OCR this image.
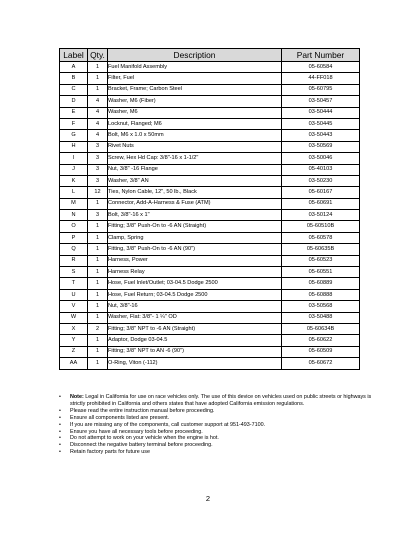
Label	Qty.	Description	Part Number
A	1	Fuel Manifold Assembly	05-60584
B	1	Filter, Fuel	44-FF018
C	1	Bracket, Frame; Carbon Steel	05-60795
D	4	Washer, M6 (Fiber)	03-50457
E	4	Washer, M6	03-50444
F	4	Locknut, Flanged; M6	03-50445
G	4	Bolt, M6 x 1.0 x 50mm	03-50443
H	3	Rivet Nuts	03-50569
I	3	Screw, Hex Hd Cap: 3/8"-16 x 1-1/2"	03-50046
J	3	Nut, 3/8" -16 Flange	05-40103
K	3	Washer, 3/8" AN	03-50230
L	12	Ties, Nylon Cable, 12", 50 lb., Black	05-60167
M	1	Connector, Add-A-Harness & Fuse (ATM)	05-60691
N	3	Bolt, 3/8"-16 x 1"	03-50124
O	1	Fitting; 3/8" Push-On to -6 AN (Straight)	05-60510B
P	1	Clamp, Spring	05-60578
Q	1	Fitting, 3/8" Push-On to -6 AN (90")	05-60635B
R	1	Harness, Power	05-60523
S	1	Harness Relay	05-60551
T	1	Hose, Fuel Inlet/Outlet; 03-04.5 Dodge 2500	05-60889
U	1	Hose, Fuel Return; 03-04.5 Dodge 2500	05-60888
V	1	Nut, 3/8"-16	03-50568
W	1	Washer, Flat: 3/8"- 1 ¼" OD	03-50488
X	2	Fitting; 3/8" NPT to -6 AN (Straight)	05-60634B
Y	1	Adaptor, Dodge 03-04.5	05-60622
Z	1	Fitting; 3/8" NPT to AN -6 (90")	05-60509
AA	1	O-Ring, Viton (-112)	05-60672
• Note: Legal in California for use on race vehicles only. The use of this device on vehicles used on public streets or highways is strictly prohibited in California and others states that have adopted California emission regulations.
• Please read the entire instruction manual before proceeding.
• Ensure all components listed are present.
• If you are missing any of the components, call customer support at 951-493-7100.
• Ensure you have all necessary tools before proceeding.
• Do not attempt to work on your vehicle when the engine is hot.
• Disconnect the negative battery terminal before proceeding.
• Retain factory parts for future use
2
